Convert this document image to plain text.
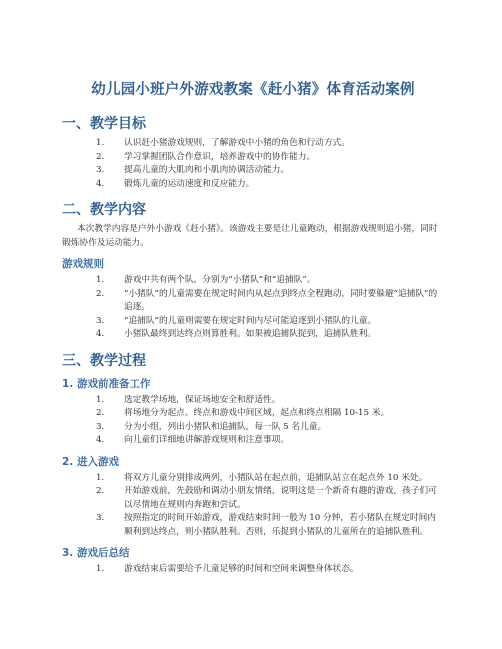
幼儿园小班户外游戏教案《赶小猪》体育活动案例
一、教学目标
1. 认识赶小猪游戏规则，了解游戏中小猪的角色和行动方式。
2. 学习掌握团队合作意识，培养游戏中的协作能力。
3. 提高儿童的大肌肉和小肌肉协调活动能力。
4. 锻炼儿童的运动速度和反应能力。
二、教学内容

本次教学内容是户外小游戏《赶小猪》。该游戏主要是让儿童跑动，根据游戏规则追小猪，同时锻炼协作及运动能力。

游戏规则
1. 游戏中共有两个队，分别为“小猪队”和“追捕队”。
2. “小猪队”的儿童需要在规定时间内从起点到终点全程跑动，同时要躲避“追捕队”的追逐。
3. “追捕队”的儿童则需要在规定时间内尽可能追逐到小猪队的儿童。
4. 小猪队最终到达终点则算胜利。如果被追捕队捉到，追捕队胜利。
三、教学过程
1. 游戏前准备工作
1. 选定教学场地，保证场地安全和舒适性。
2. 将场地分为起点、终点和游戏中间区域，起点和终点相隔 10-15 米。
3. 分为小组，列出小猪队和追捕队，每一队 5 名儿童。
4. 向儿童们详细地讲解游戏规则和注意事项。
2. 进入游戏
1. 将双方儿童分别排成两列，小猪队站在起点前，追捕队站立在起点外 10 米处。
2. 开始游戏前，先鼓励和调动小朋友情绪，说明这是一个新奇有趣的游戏，孩子们可以尽情地在规则内奔跑和尝试。
3. 按照指定的时间开始游戏，游戏结束时间一般为 10 分钟，若小猪队在规定时间内顺利到达终点，则小猪队胜利。否则，乐捉到小猪队的儿童所在的追捕队胜利。
3. 游戏后总结
1. 游戏结束后需要给予儿童足够的时间和空间来调整身体状态。
